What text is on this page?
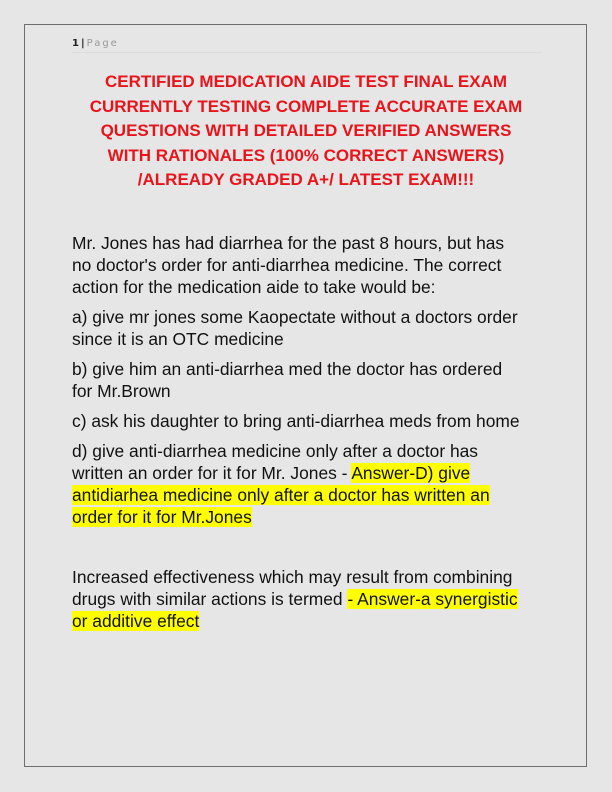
1 | Page
CERTIFIED MEDICATION AIDE TEST FINAL EXAM
CURRENTLY TESTING COMPLETE ACCURATE EXAM
QUESTIONS WITH DETAILED VERIFIED ANSWERS
WITH RATIONALES (100% CORRECT ANSWERS)
/ALREADY GRADED A+/ LATEST EXAM!!!
Mr. Jones has had diarrhea for the past 8 hours, but has
no doctor's order for anti-diarrhea medicine. The correct
action for the medication aide to take would be:
a) give mr jones some Kaopectate without a doctors order
since it is an OTC medicine
b) give him an anti-diarrhea med the doctor has ordered
for Mr.Brown
c) ask his daughter to bring anti-diarrhea meds from home
d) give anti-diarrhea medicine only after a doctor has
written an order for it for Mr. Jones - Answer-D) give
antidiarhea medicine only after a doctor has written an
order for it for Mr.Jones
Increased effectiveness which may result from combining
drugs with similar actions is termed - Answer-a synergistic
or additive effect
